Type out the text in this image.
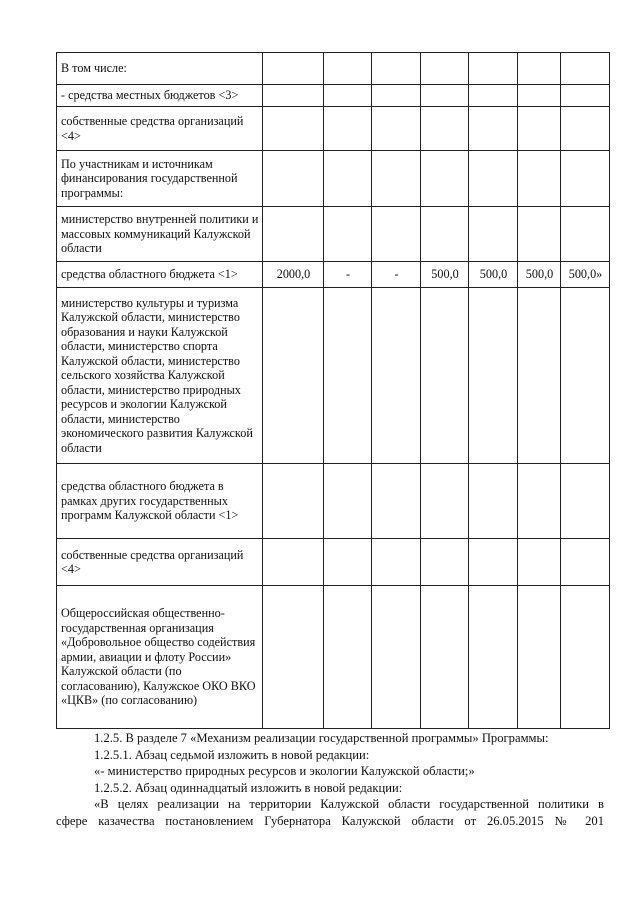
В том числе:							
- средства местных бюджетов <3>							
собственные средства организаций <4>							
По участникам и источникам финансирования государственной программы:							
министерство внутренней политики и массовых коммуникаций Калужской области							
средства областного бюджета <1>	2000,0	-	-	500,0	500,0	500,0	500,0»
министерство культуры и туризма Калужской области, министерство образования и науки Калужской области, министерство спорта Калужской области, министерство сельского хозяйства Калужской области, министерство природных ресурсов и экологии Калужской области, министерство экономического развития Калужской области							
средства областного бюджета в рамках других государственных программ Калужской области <1>							
собственные средства организаций <4>							
Общероссийская общественно-государственная организация «Добровольное общество содействия армии, авиации и флоту России» Калужской области (по согласованию), Калужское ОКО ВКО «ЦКВ» (по согласованию)							
1.2.5. В разделе 7 «Механизм реализации государственной программы» Программы:
1.2.5.1. Абзац седьмой изложить в новой редакции:
«- министерство природных ресурсов и экологии Калужской области;»
1.2.5.2. Абзац одиннадцатый изложить в новой редакции:
«В целях реализации на территории Калужской области государственной политики в
сфере казачества постановлением Губернатора Калужской области от 26.05.2015 № 201
